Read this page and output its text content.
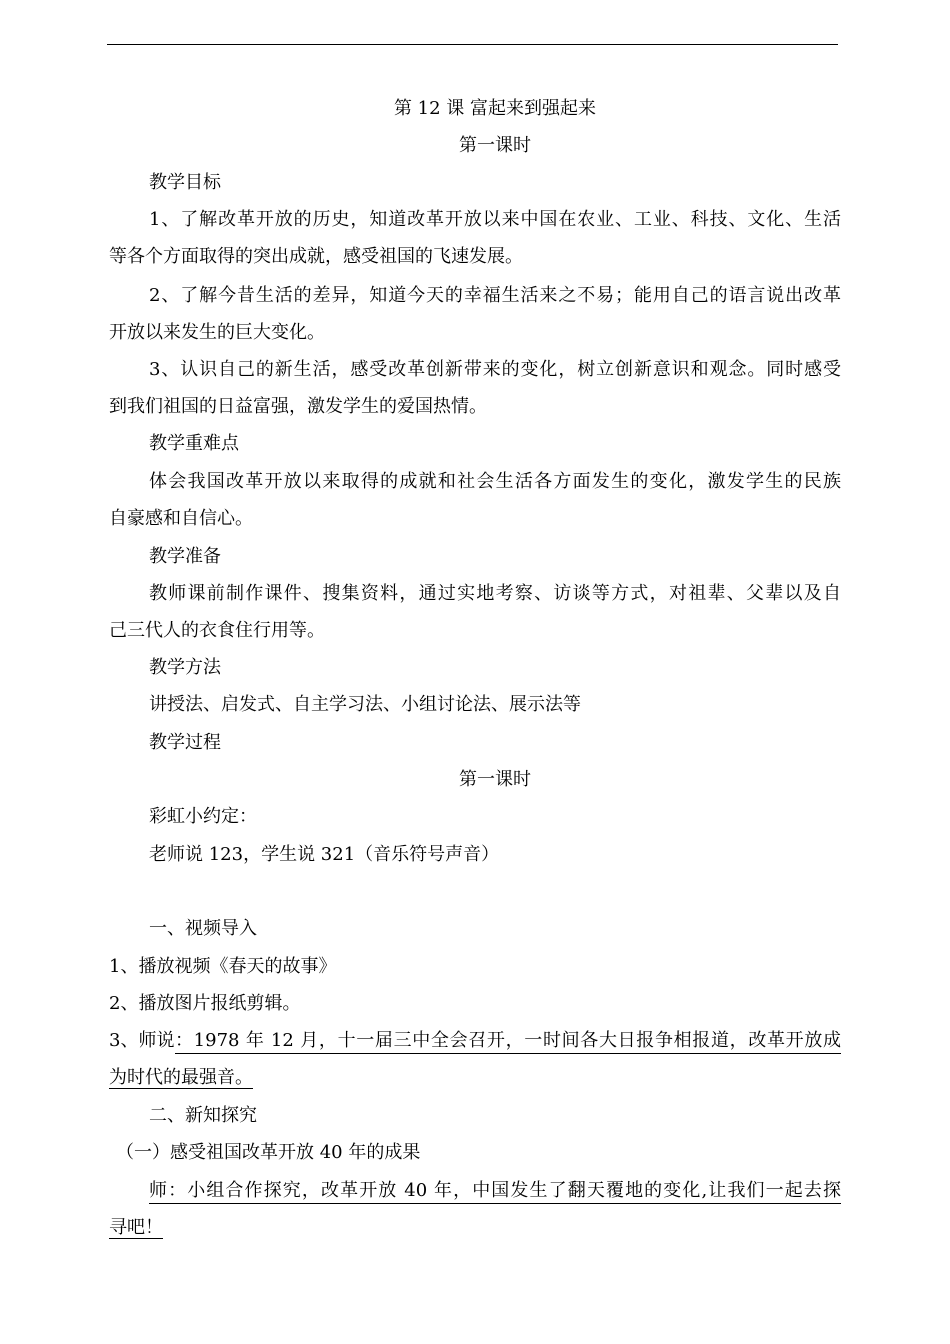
第 12 课 富起来到强起来
第一课时
教学目标
1、了解改革开放的历史，知道改革开放以来中国在农业、工业、科技、文化、生活
等各个方面取得的突出成就，感受祖国的飞速发展。
2、了解今昔生活的差异，知道今天的幸福生活来之不易；能用自己的语言说出改革
开放以来发生的巨大变化。
3、认识自己的新生活，感受改革创新带来的变化，树立创新意识和观念。同时感受
到我们祖国的日益富强，激发学生的爱国热情。
教学重难点
体会我国改革开放以来取得的成就和社会生活各方面发生的变化，激发学生的民族
自豪感和自信心。
教学准备
教师课前制作课件、搜集资料，通过实地考察、访谈等方式，对祖辈、父辈以及自
己三代人的衣食住行用等。
教学方法
讲授法、启发式、自主学习法、小组讨论法、展示法等
教学过程
第一课时
彩虹小约定：
老师说 123，学生说 321（音乐符号声音）
一、视频导入
1、播放视频《春天的故事》
2、播放图片报纸剪辑。
3、师说 ：1978 年 12 月，十一届三中全会召开，一时间各大日报争相报道，改革开放成
为时代的最强音。
二、新知探究
（一）感受祖国改革开放 40 年的成果
师：小组合作探究，改革开放 40 年，中国发生了翻天覆地的变化,让我们一起去探
寻吧！
